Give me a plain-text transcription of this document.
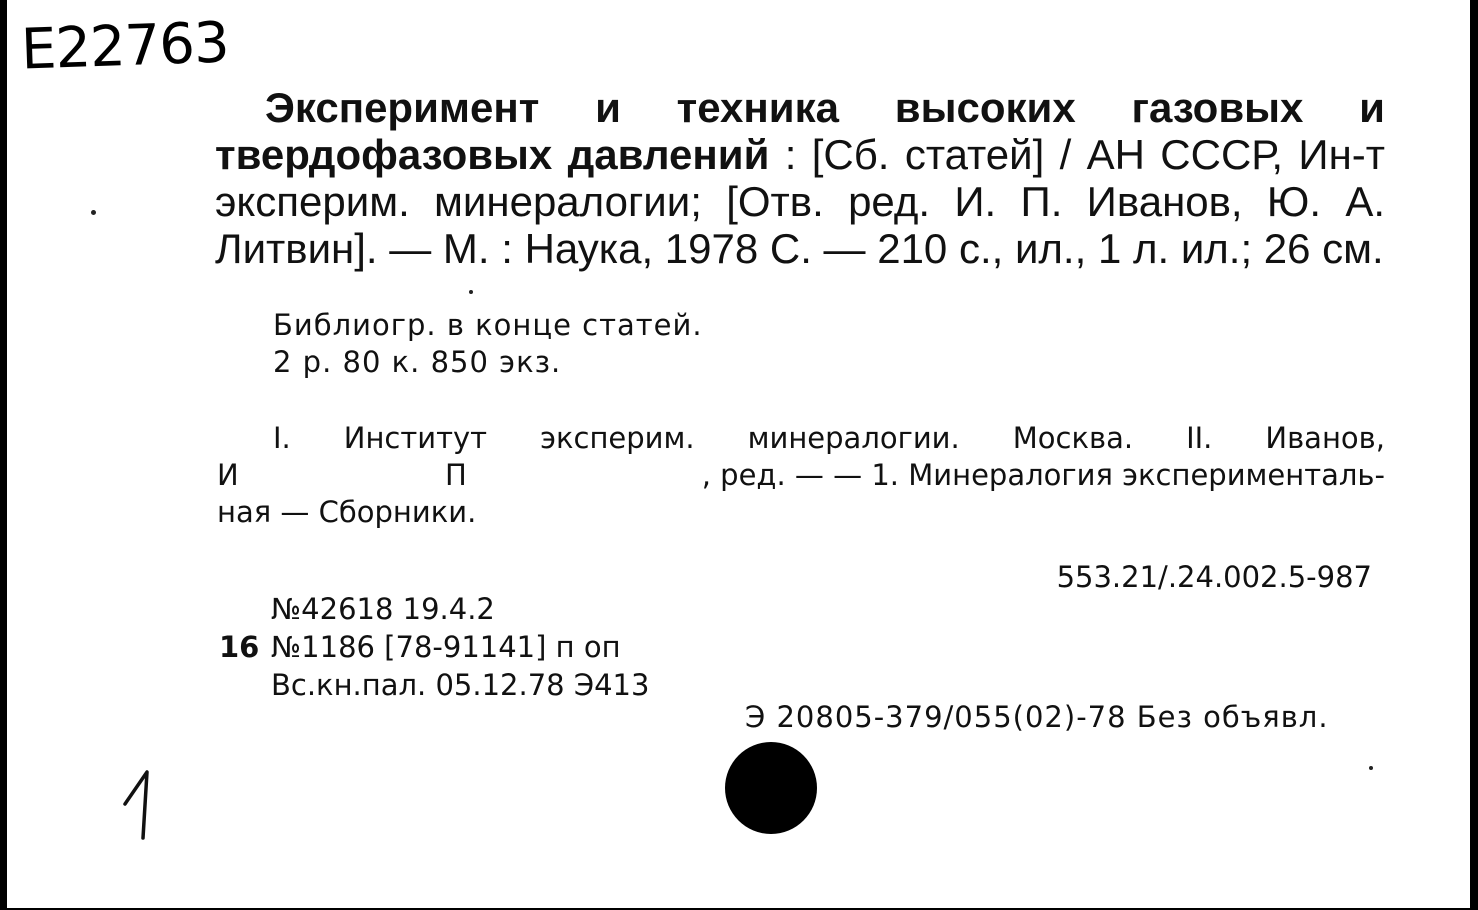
E22763
Эксперимент и техника высоких газовых и твердофазовых давлений : [Сб. статей] / АН СССР, Ин-т эксперим. минералогии; [Отв. ред. И. П. Иванов, Ю. А. Литвин]. — М. : Наука, 1978 С. — 210 с., ил., 1 л. ил.; 26 см.
Библиогр. в конце статей.
2 р. 80 к. 850 экз.
I. Институт эксперим. минералогии. Москва. II. Иванов,
И	П	, ред. — — 1. Минералогия эксперименталь-
ная — Сборники.
553.21/.24.002.5-987
№42618 19.4.2
16 №1186 [78-91141] п оп
Вс.кн.пал. 05.12.78 Э413
Э 20805-379/055(02)-78 Без объявл.
